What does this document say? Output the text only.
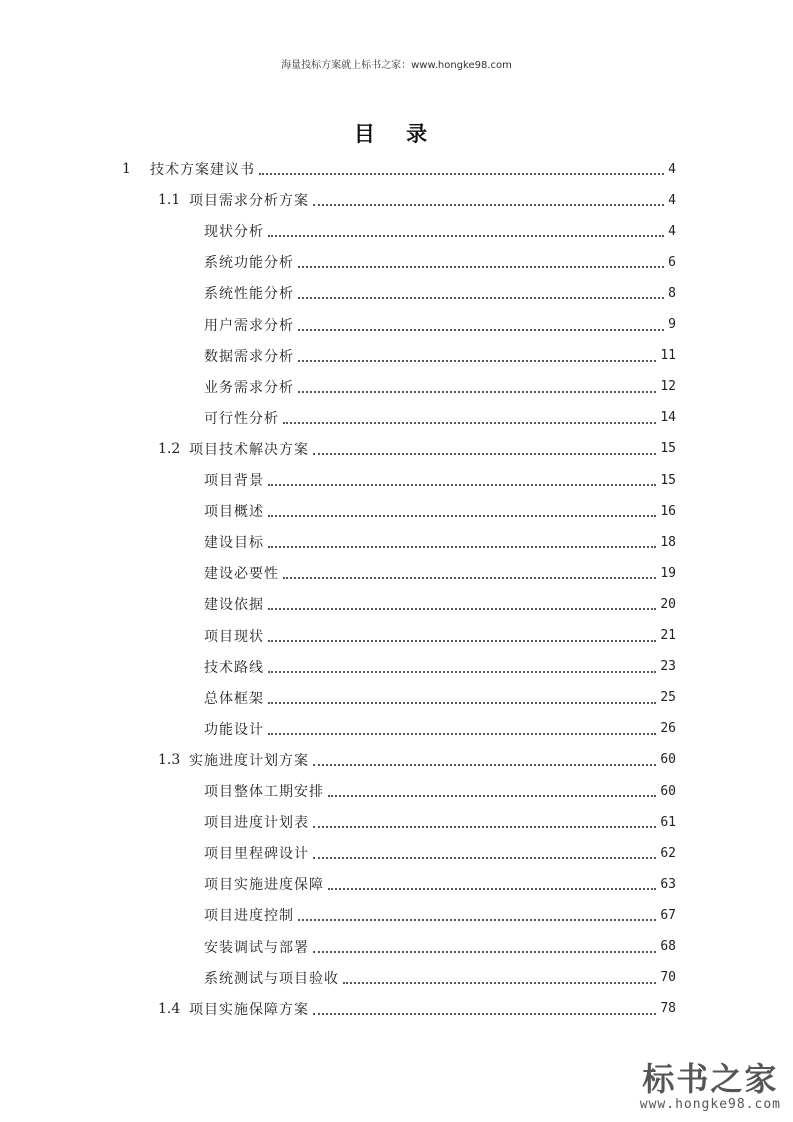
海量投标方案就上标书之家：www.hongke98.com
目 录
1	技术方案建议书	4
1.1 项目需求分析方案	4
现状分析	4
系统功能分析	6
系统性能分析	8
用户需求分析	9
数据需求分析	11
业务需求分析	12
可行性分析	14
1.2 项目技术解决方案	15
项目背景	15
项目概述	16
建设目标	18
建设必要性	19
建设依据	20
项目现状	21
技术路线	23
总体框架	25
功能设计	26
1.3 实施进度计划方案	60
项目整体工期安排	60
项目进度计划表	61
项目里程碑设计	62
项目实施进度保障	63
项目进度控制	67
安装调试与部署	68
系统测试与项目验收	70
1.4 项目实施保障方案	78
标书之家
www.hongke98.com
